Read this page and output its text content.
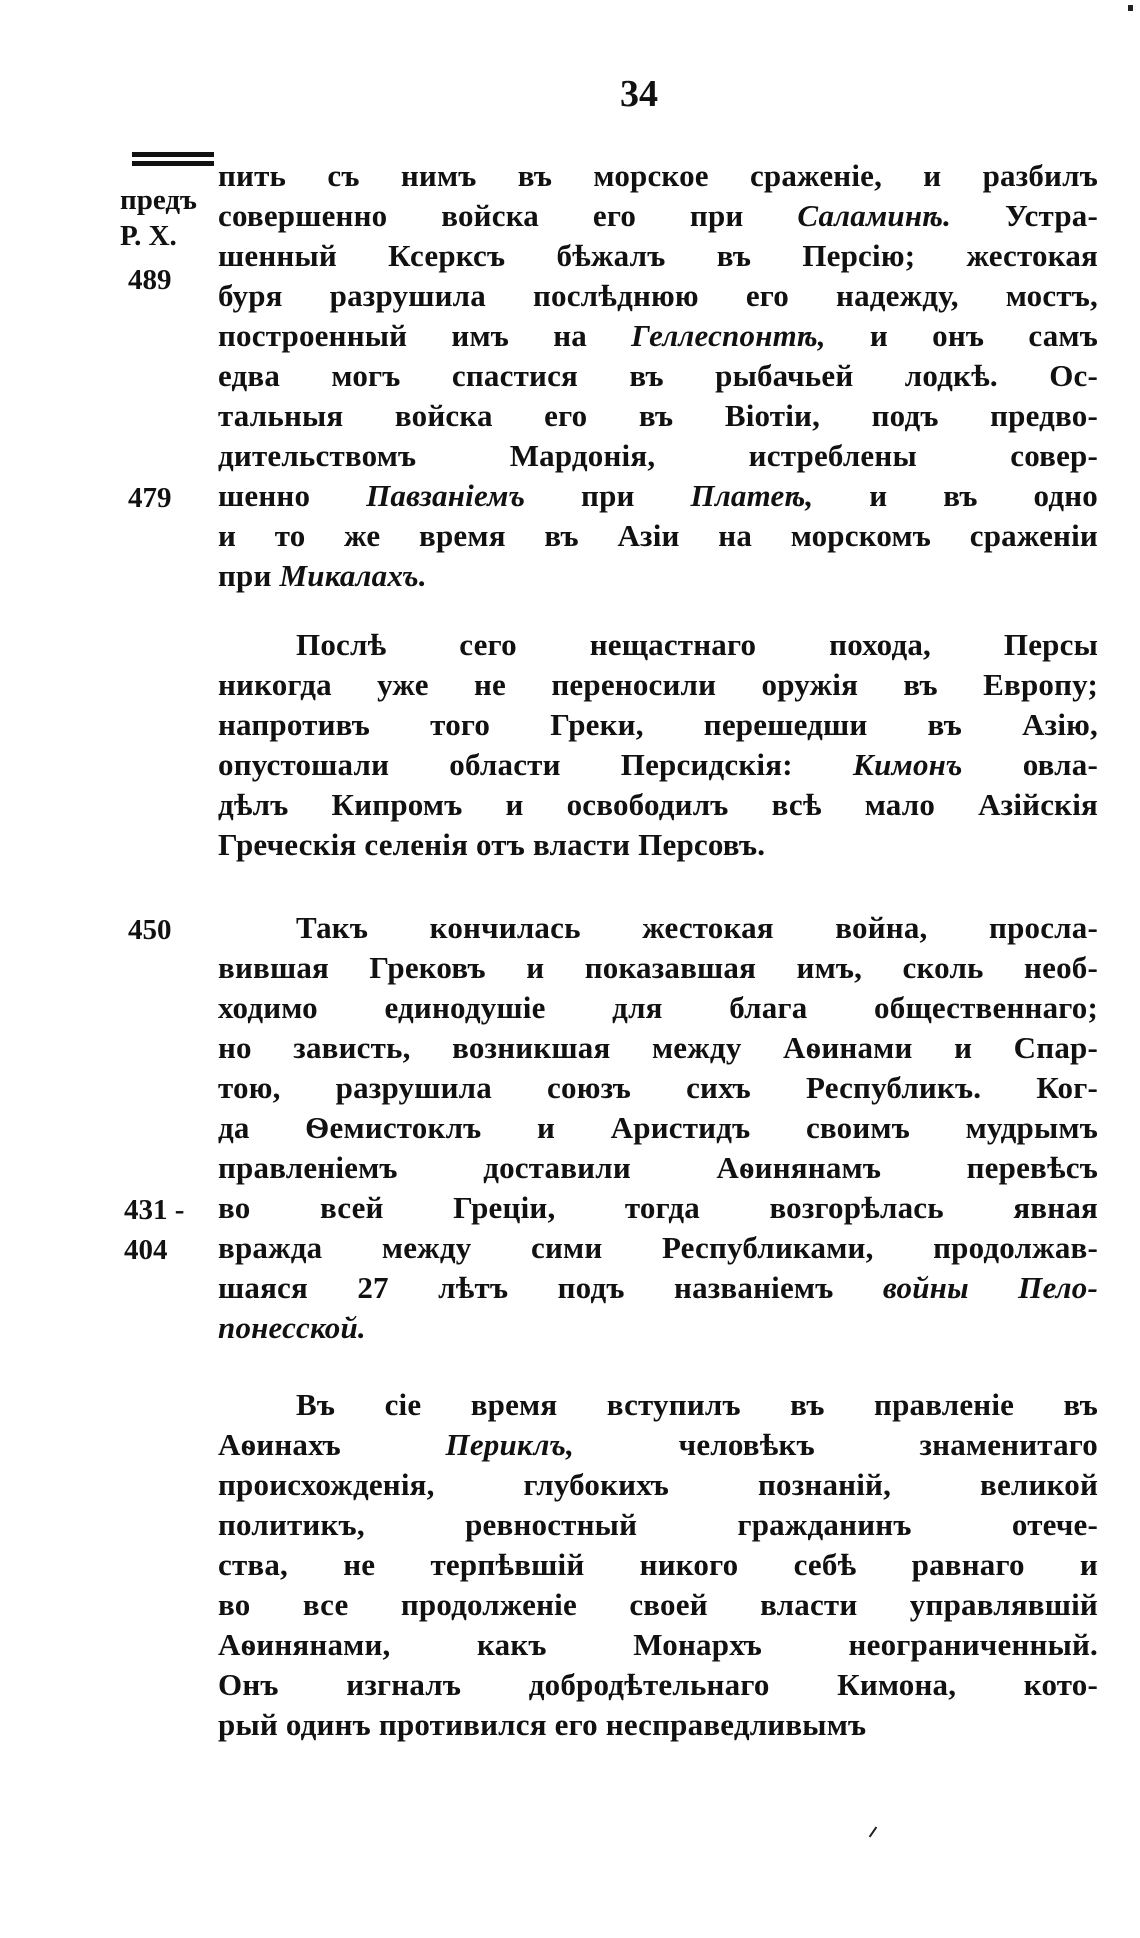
34
предъ
Р. Х.
489
479
450
431 -
404
пить съ нимъ въ морское сраженіе, и разбилъ
совершенно войска его при Саламинѣ. Устра-
шенный Ксерксъ бѣжалъ въ Персію; жестокая
буря разрушила послѣднюю его надежду, мостъ,
построенный имъ на Геллеспонтѣ, и онъ самъ
едва могъ спастися въ рыбачьей лодкѣ. Ос-
тальныя войска его въ Віотіи, подъ предво-
дительствомъ Мардонія, истреблены совер-
шенно Павзаніемъ при Платеѣ, и въ одно
и то же время въ Азіи на морскомъ сраженіи
при Микалахъ.
Послѣ сего нещастнаго похода, Персы
никогда уже не переносили оружія въ Европу;
напротивъ того Греки, перешедши въ Азію,
опустошали области Персидскія: Кимонъ овла-
дѣлъ Кипромъ и освободилъ всѣ мало Азійскія
Греческія селенія отъ власти Персовъ.
Такъ кончилась жестокая война, просла-
вившая Грековъ и показавшая имъ, сколь необ-
ходимо единодушіе для блага общественнаго;
но зависть, возникшая между Аѳинами и Спар-
тою, разрушила союзъ сихъ Республикъ. Ког-
да Ѳемистоклъ и Аристидъ своимъ мудрымъ
правленіемъ доставили Аѳинянамъ перевѣсъ
во всей Греціи, тогда возгорѣлась явная
вражда между сими Республиками, продолжав-
шаяся 27 лѣтъ подъ названіемъ войны Пело-
понесской.
Въ сіе время вступилъ въ правленіе въ
Аѳинахъ Периклъ, человѣкъ знаменитаго
происхожденія, глубокихъ познаній, великой
политикъ, ревностный гражданинъ отече-
ства, не терпѣвшій никого себѣ равнаго и
во все продолженіе своей власти управлявшій
Аѳинянами, какъ Монархъ неограниченный.
Онъ изгналъ добродѣтельнаго Кимона, кото-
рый одинъ противился его несправедливымъ
